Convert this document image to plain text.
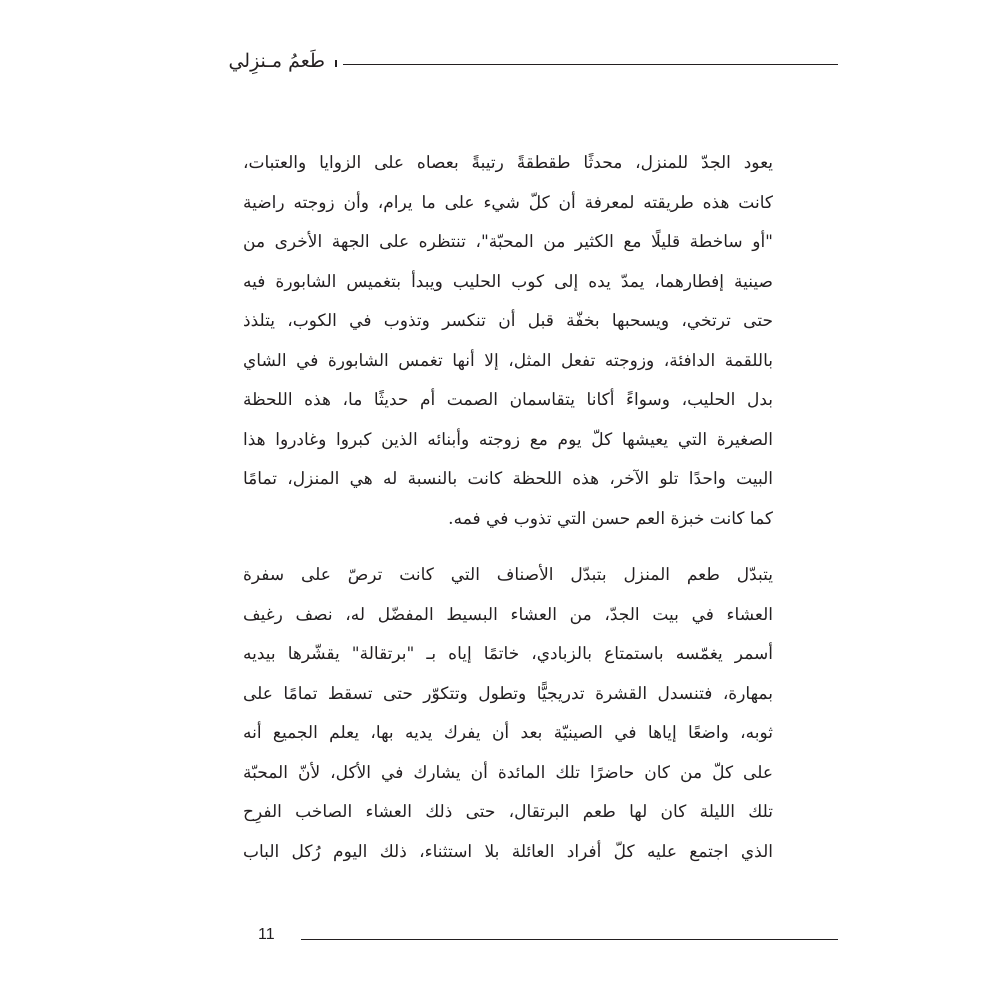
طَعمُ مـنزِلي

يعود الجدّ للمنزل، محدثًا طقطقةً رتيبةً بعصاه على الزوايا والعتبات،
كانت هذه طريقته لمعرفة أن كلّ شيء على ما يرام، وأن زوجته راضية
"أو ساخطة قليلًا مع الكثير من المحبّة"، تنتظره على الجهة الأخرى من
صينية إفطارهما، يمدّ يده إلى كوب الحليب ويبدأ بتغميس الشابورة فيه
حتى ترتخي، ويسحبها بخفّة قبل أن تنكسر وتذوب في الكوب، يتلذذ
باللقمة الدافئة، وزوجته تفعل المثل، إلا أنها تغمس الشابورة في الشاي
بدل الحليب، وسواءً أكانا يتقاسمان الصمت أم حديثًا ما، هذه اللحظة
الصغيرة التي يعيشها كلّ يوم مع زوجته وأبنائه الذين كبروا وغادروا هذا
البيت واحدًا تلو الآخر، هذه اللحظة كانت بالنسبة له هي المنزل، تمامًا
كما كانت خبزة العم حسن التي تذوب في فمه.

يتبدّل طعم المنزل بتبدّل الأصناف التي كانت ترصّ على سفرة
العشاء في بيت الجدّ، من العشاء البسيط المفضّل له، نصف رغيف
أسمر يغمّسه باستمتاع بالزبادي، خاتمًا إياه بـ "برتقالة" يقشّرها بيديه
بمهارة، فتنسدل القشرة تدريجيًّا وتطول وتتكوّر حتى تسقط تمامًا على
ثوبه، واضعًا إياها في الصينيّة بعد أن يفرك يديه بها، يعلم الجميع أنه
على كلّ من كان حاضرًا تلك المائدة أن يشارك في الأكل، لأنّ المحبّة
تلك الليلة كان لها طعم البرتقال، حتى ذلك العشاء الصاخب الفرِح
الذي اجتمع عليه كلّ أفراد العائلة بلا استثناء، ذلك اليوم رُكل الباب

11
